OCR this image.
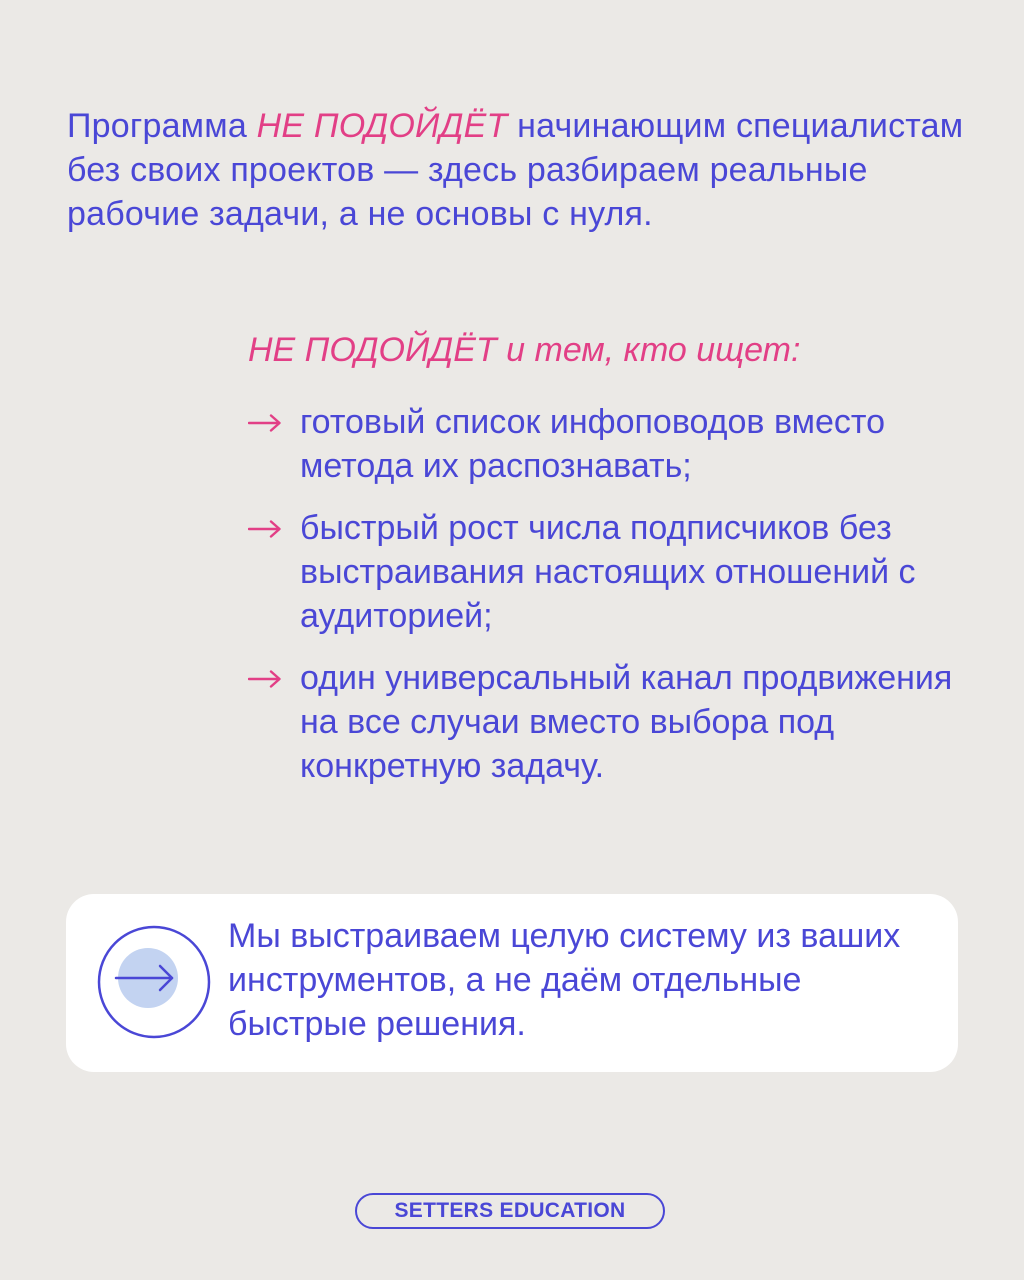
Программа НЕ ПОДОЙДЁТ начинающим специалистам без своих проектов — здесь разбираем реальные рабочие задачи, а не основы с нуля.

НЕ ПОДОЙДЁТ и тем, кто ищет:

готовый список инфоповодов вместо метода их распознавать;
быстрый рост числа подписчиков без выстраивания настоящих отношений с аудиторией;
один универсальный канал продвижения на все случаи вместо выбора под конкретную задачу.

Мы выстраиваем целую систему из ваших инструментов, а не даём отдельные быстрые решения.

SETTERS EDUCATION
